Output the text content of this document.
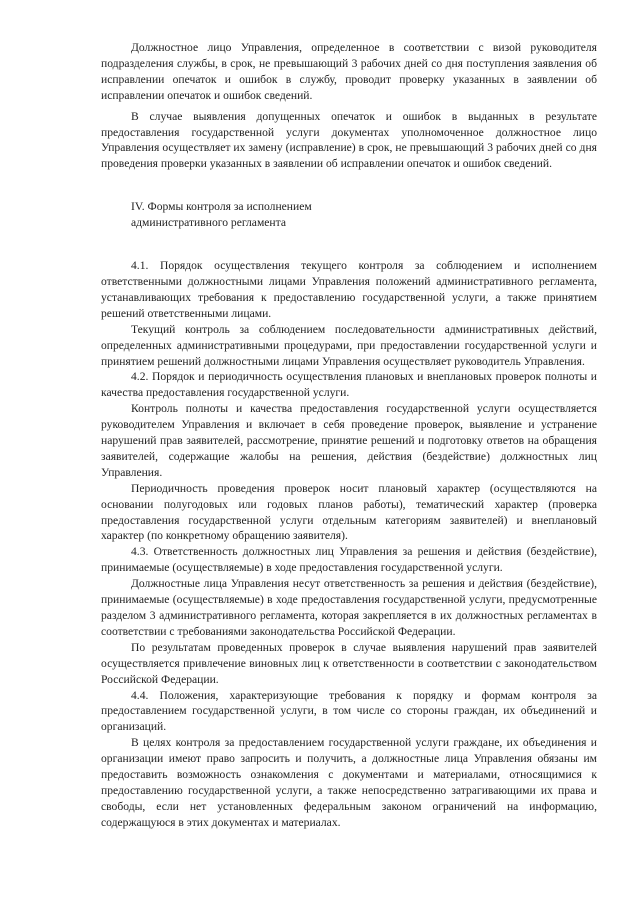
Должностное лицо Управления, определенное в соответствии с визой руководителя подразделения службы, в срок, не превышающий 3 рабочих дней со дня поступления заявления об исправлении опечаток и ошибок в службу, проводит проверку указанных в заявлении об исправлении опечаток и ошибок сведений.

В случае выявления допущенных опечаток и ошибок в выданных в результате предоставления государственной услуги документах уполномоченное должностное лицо Управления осуществляет их замену (исправление) в срок, не превышающий 3 рабочих дней со дня проведения проверки указанных в заявлении об исправлении опечаток и ошибок сведений.

IV. Формы контроля за исполнением
административного регламента

4.1. Порядок осуществления текущего контроля за соблюдением и исполнением ответственными должностными лицами Управления положений административного регламента, устанавливающих требования к предоставлению государственной услуги, а также принятием решений ответственными лицами.

Текущий контроль за соблюдением последовательности административных действий, определенных административными процедурами, при предоставлении государственной услуги и принятием решений должностными лицами Управления осуществляет руководитель Управления.

4.2. Порядок и периодичность осуществления плановых и внеплановых проверок полноты и качества предоставления государственной услуги.

Контроль полноты и качества предоставления государственной услуги осуществляется руководителем Управления и включает в себя проведение проверок, выявление и устранение нарушений прав заявителей, рассмотрение, принятие решений и подготовку ответов на обращения заявителей, содержащие жалобы на решения, действия (бездействие) должностных лиц Управления.

Периодичность проведения проверок носит плановый характер (осуществляются на основании полугодовых или годовых планов работы), тематический характер (проверка предоставления государственной услуги отдельным категориям заявителей) и внеплановый характер (по конкретному обращению заявителя).

4.3. Ответственность должностных лиц Управления за решения и действия (бездействие), принимаемые (осуществляемые) в ходе предоставления государственной услуги.

Должностные лица Управления несут ответственность за решения и действия (бездействие), принимаемые (осуществляемые) в ходе предоставления государственной услуги, предусмотренные разделом 3 административного регламента, которая закрепляется в их должностных регламентах в соответствии с требованиями законодательства Российской Федерации.

По результатам проведенных проверок в случае выявления нарушений прав заявителей осуществляется привлечение виновных лиц к ответственности в соответствии с законодательством Российской Федерации.

4.4. Положения, характеризующие требования к порядку и формам контроля за предоставлением государственной услуги, в том числе со стороны граждан, их объединений и организаций.

В целях контроля за предоставлением государственной услуги граждане, их объединения и организации имеют право запросить и получить, а должностные лица Управления обязаны им предоставить возможность ознакомления с документами и материалами, относящимися к предоставлению государственной услуги, а также непосредственно затрагивающими их права и свободы, если нет установленных федеральным законом ограничений на информацию, содержащуюся в этих документах и материалах.
